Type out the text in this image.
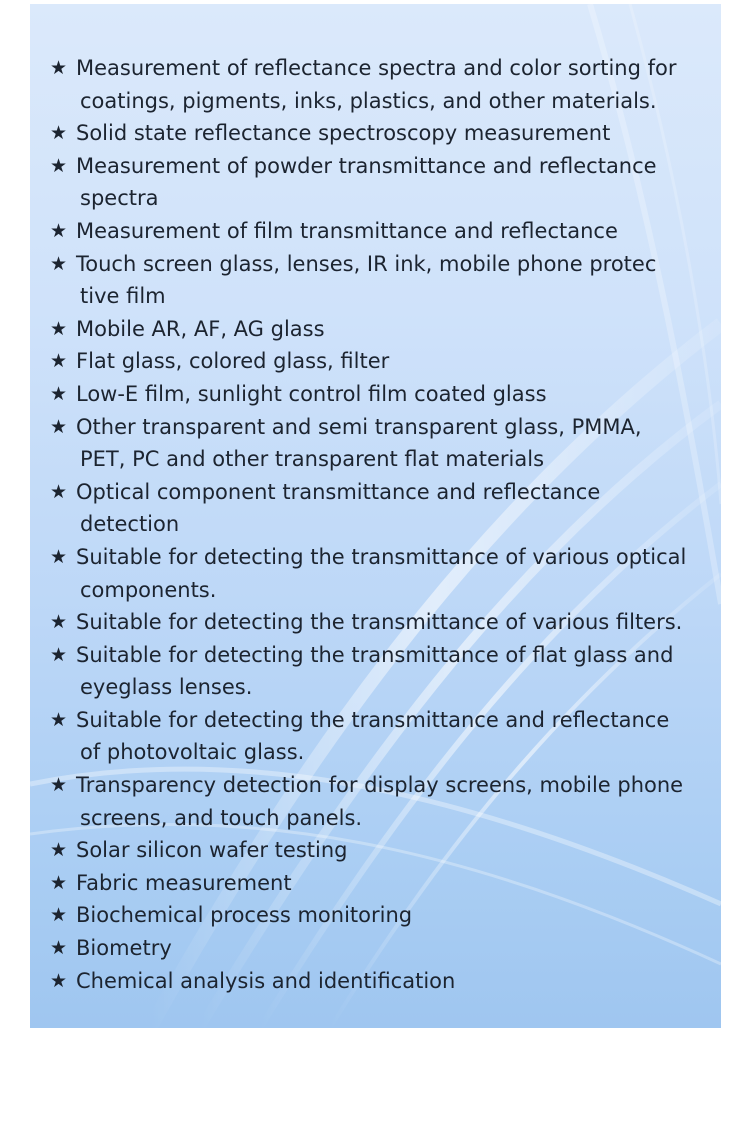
★ Measurement of reflectance spectra and color sorting for
coatings, pigments, inks, plastics, and other materials.
★ Solid state reflectance spectroscopy measurement
★ Measurement of powder transmittance and reflectance
spectra
★ Measurement of film transmittance and reflectance
★ Touch screen glass, lenses, IR ink, mobile phone protec
tive film
★ Mobile AR, AF, AG glass
★ Flat glass, colored glass, filter
★ Low-E film, sunlight control film coated glass
★ Other transparent and semi transparent glass, PMMA,
PET, PC and other transparent flat materials
★ Optical component transmittance and reflectance
detection
★ Suitable for detecting the transmittance of various optical
components.
★ Suitable for detecting the transmittance of various filters.
★ Suitable for detecting the transmittance of flat glass and
eyeglass lenses.
★ Suitable for detecting the transmittance and reflectance
of photovoltaic glass.
★ Transparency detection for display screens, mobile phone
screens, and touch panels.
★ Solar silicon wafer testing
★ Fabric measurement
★ Biochemical process monitoring
★ Biometry
★ Chemical analysis and identification
